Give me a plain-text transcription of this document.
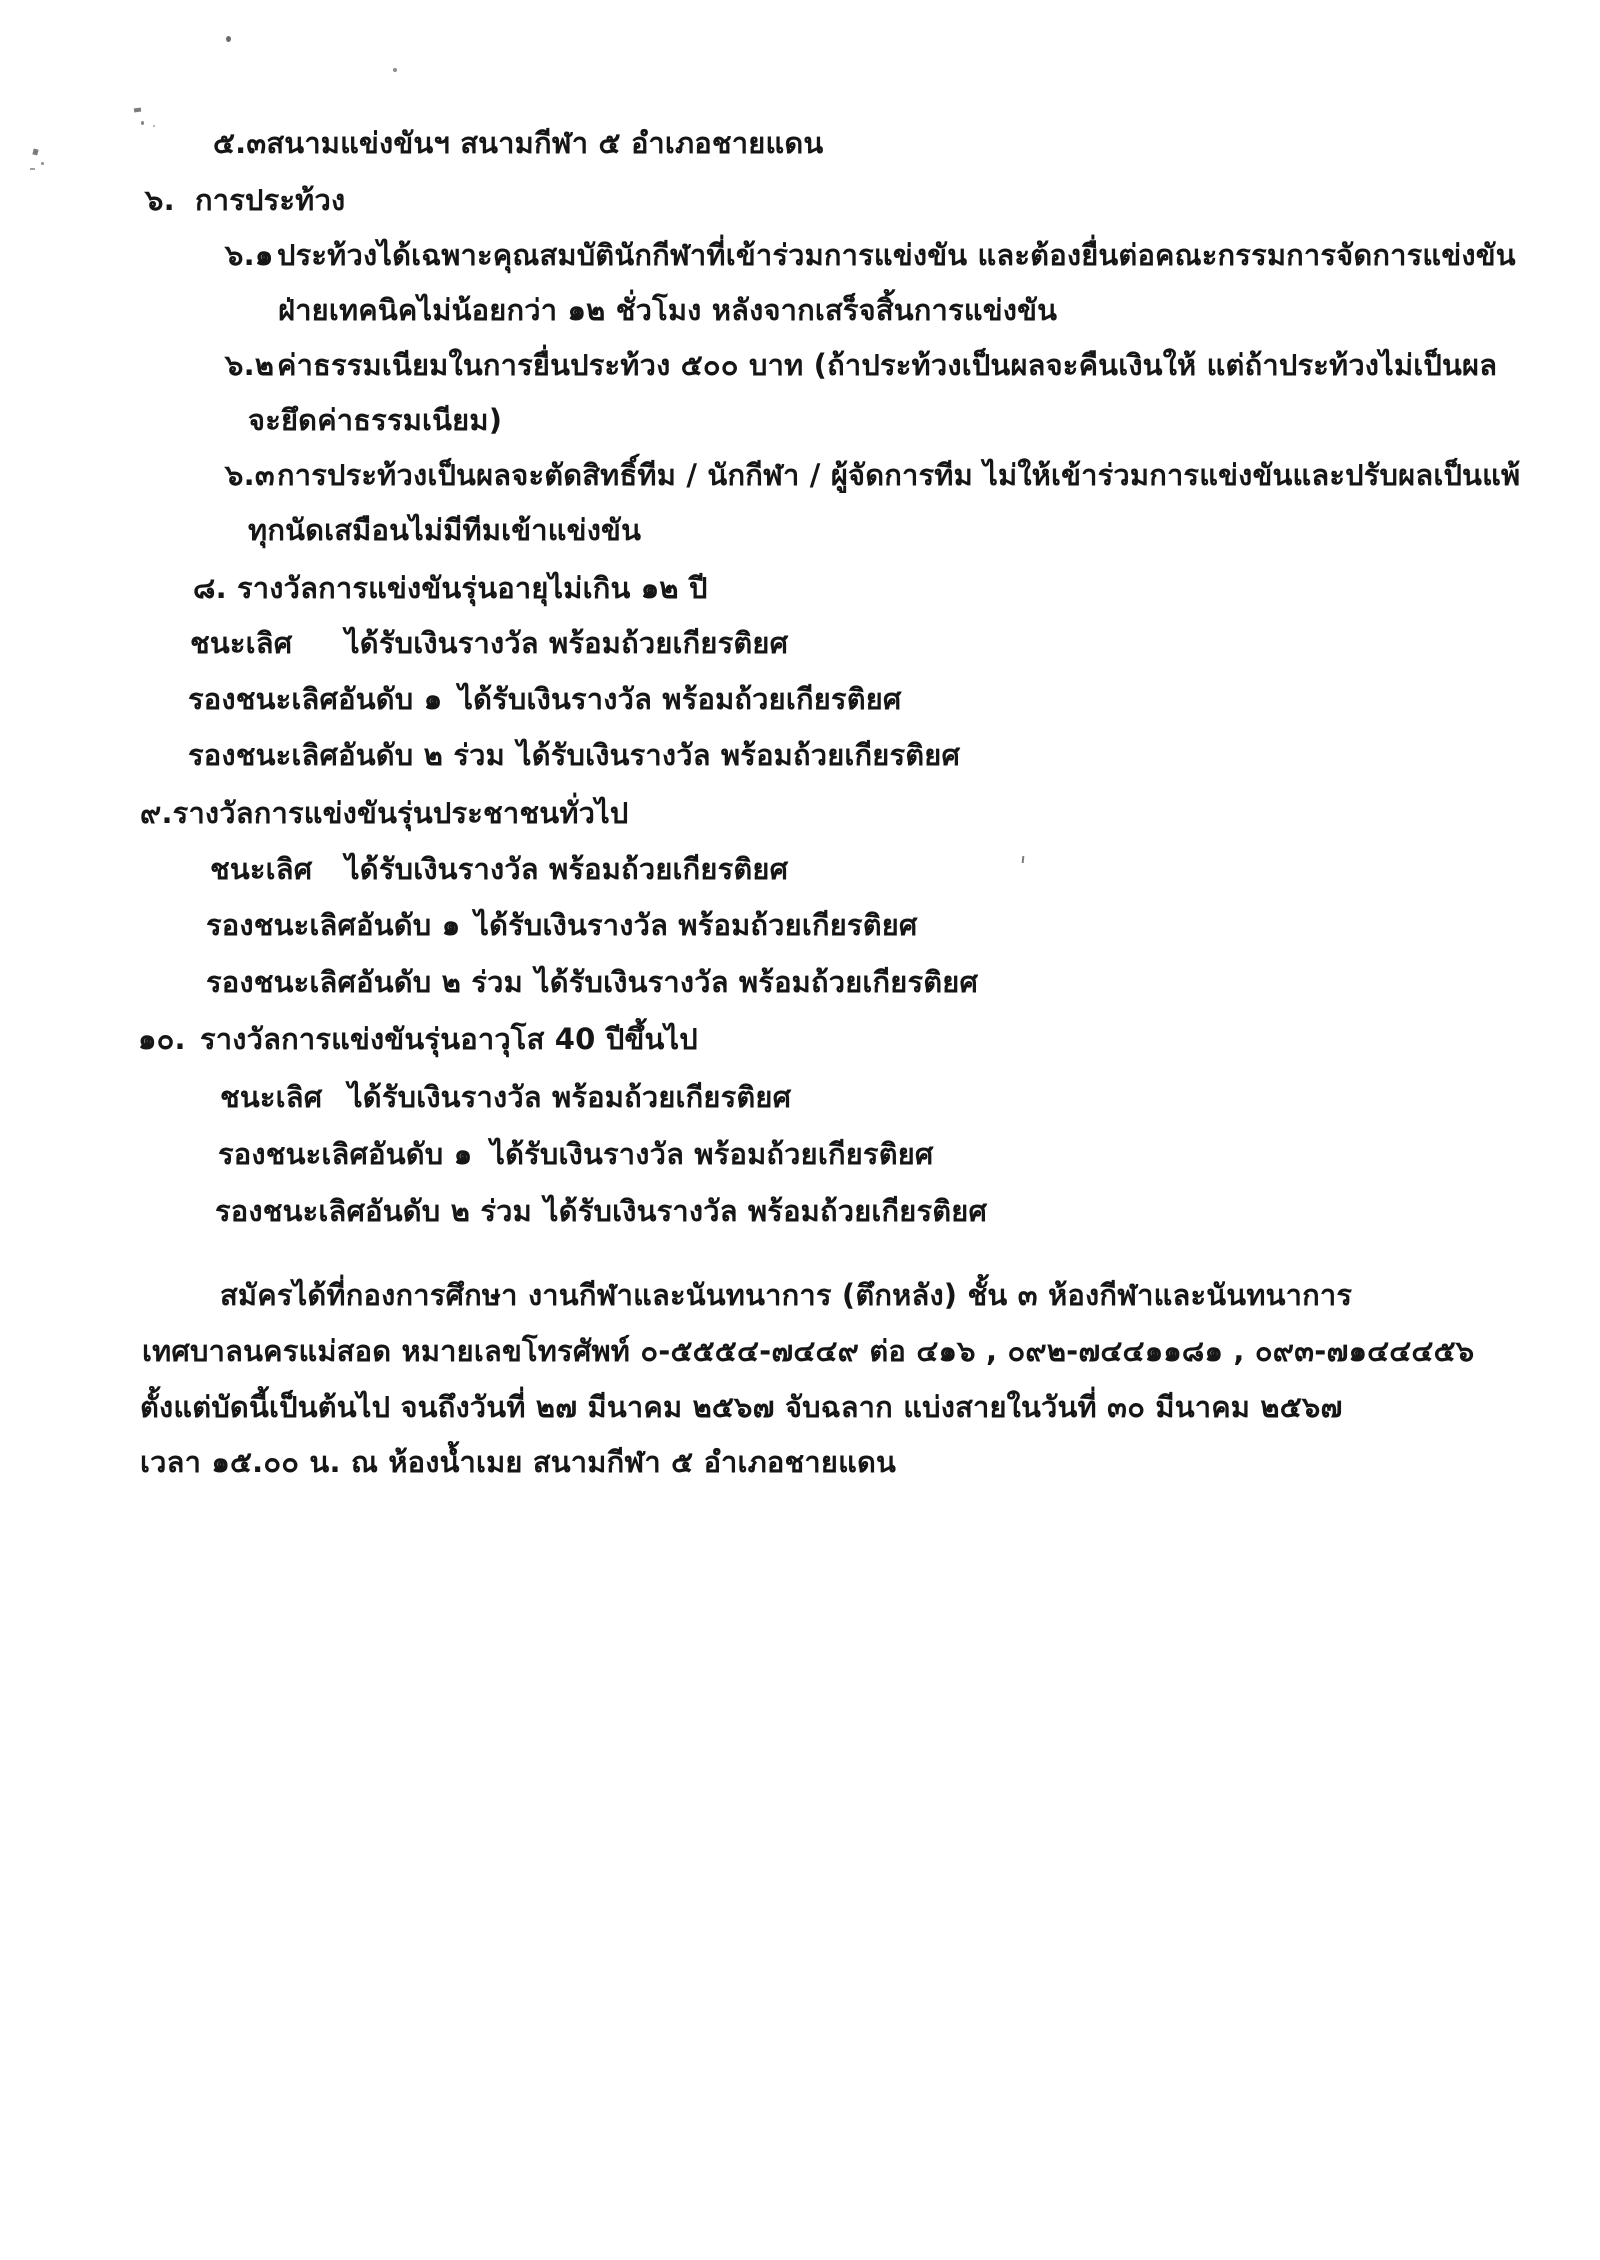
๕.๓สนามแข่งขันฯ สนามกีฬา ๕ อำเภอชายแดน
๖. การประท้วง
๖.๑ ประท้วงได้เฉพาะคุณสมบัตินักกีฬาที่เข้าร่วมการแข่งขัน และต้องยื่นต่อคณะกรรมการจัดการแข่งขัน
ฝ่ายเทคนิคไม่น้อยกว่า ๑๒ ชั่วโมง หลังจากเสร็จสิ้นการแข่งขัน
๖.๒ค่าธรรมเนียมในการยื่นประท้วง ๕๐๐ บาท (ถ้าประท้วงเป็นผลจะคืนเงินให้ แต่ถ้าประท้วงไม่เป็นผล
จะยึดค่าธรรมเนียม)
๖.๓การประท้วงเป็นผลจะตัดสิทธิ์ทีม / นักกีฬา / ผู้จัดการทีม ไม่ให้เข้าร่วมการแข่งขันและปรับผลเป็นแพ้
ทุกนัดเสมือนไม่มีทีมเข้าแข่งขัน
๘. รางวัลการแข่งขันรุ่นอายุไม่เกิน ๑๒ ปี
ชนะเลิศ ได้รับเงินรางวัล พร้อมถ้วยเกียรติยศ
รองชนะเลิศอันดับ ๑ ได้รับเงินรางวัล พร้อมถ้วยเกียรติยศ
รองชนะเลิศอันดับ ๒ ร่วม ได้รับเงินรางวัล พร้อมถ้วยเกียรติยศ
๙.รางวัลการแข่งขันรุ่นประชาชนทั่วไป
ชนะเลิศ ได้รับเงินรางวัล พร้อมถ้วยเกียรติยศ
รองชนะเลิศอันดับ ๑ ได้รับเงินรางวัล พร้อมถ้วยเกียรติยศ
รองชนะเลิศอันดับ ๒ ร่วม ได้รับเงินรางวัล พร้อมถ้วยเกียรติยศ
๑๐. รางวัลการแข่งขันรุ่นอาวุโส 40 ปีขึ้นไป
ชนะเลิศ ได้รับเงินรางวัล พร้อมถ้วยเกียรติยศ
รองชนะเลิศอันดับ ๑ ได้รับเงินรางวัล พร้อมถ้วยเกียรติยศ
รองชนะเลิศอันดับ ๒ ร่วม ได้รับเงินรางวัล พร้อมถ้วยเกียรติยศ
สมัครได้ที่กองการศึกษา งานกีฬาและนันทนาการ (ตึกหลัง) ชั้น ๓ ห้องกีฬาและนันทนาการ
เทศบาลนครแม่สอด หมายเลขโทรศัพท์ ๐-๕๕๕๔-๗๔๔๙ ต่อ ๔๑๖ , ๐๙๒-๗๔๔๑๑๘๑ , ๐๙๓-๗๑๔๔๔๕๖
ตั้งแต่บัดนี้เป็นต้นไป จนถึงวันที่ ๒๗ มีนาคม ๒๕๖๗ จับฉลาก แบ่งสายในวันที่ ๓๐ มีนาคม ๒๕๖๗
เวลา ๑๕.๐๐ น. ณ ห้องน้ำเมย สนามกีฬา ๕ อำเภอชายแดน
